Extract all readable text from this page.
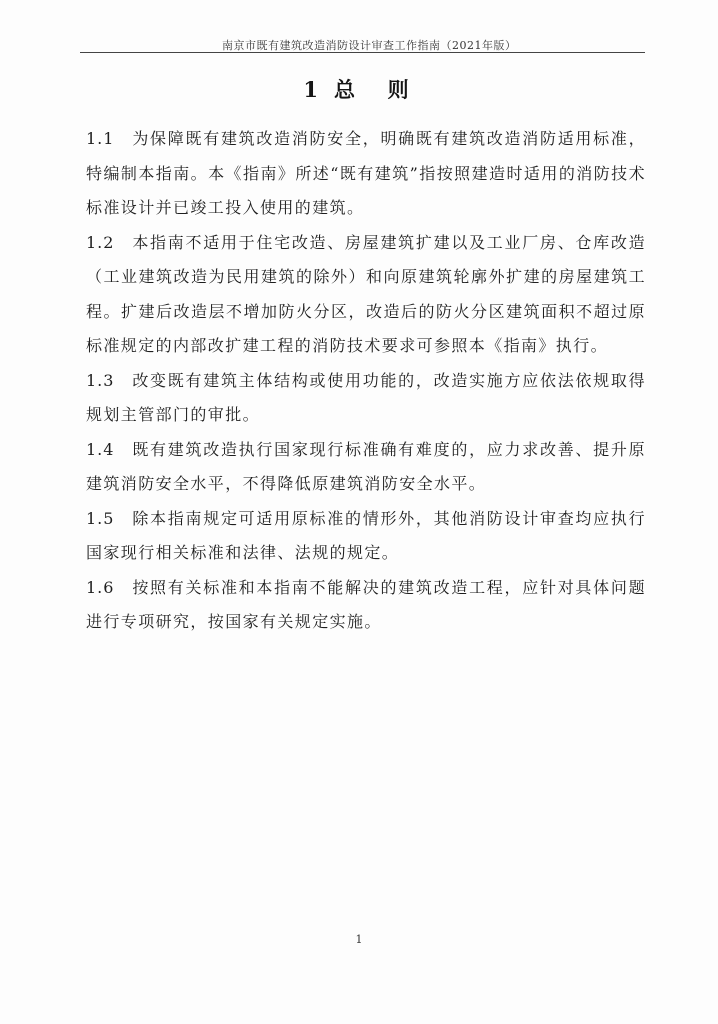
南京市既有建筑改造消防设计审查工作指南（2021年版）
1 总  则

1.1 为保障既有建筑改造消防安全，明确既有建筑改造消防适用标准，特编制本指南。本《指南》所述“既有建筑”指按照建造时适用的消防技术标准设计并已竣工投入使用的建筑。

1.2 本指南不适用于住宅改造、房屋建筑扩建以及工业厂房、仓库改造（工业建筑改造为民用建筑的除外）和向原建筑轮廓外扩建的房屋建筑工程。扩建后改造层不增加防火分区，改造后的防火分区建筑面积不超过原标准规定的内部改扩建工程的消防技术要求可参照本《指南》执行。

1.3 改变既有建筑主体结构或使用功能的，改造实施方应依法依规取得规划主管部门的审批。

1.4 既有建筑改造执行国家现行标准确有难度的，应力求改善、提升原建筑消防安全水平，不得降低原建筑消防安全水平。

1.5 除本指南规定可适用原标准的情形外，其他消防设计审查均应执行国家现行相关标准和法律、法规的规定。

1.6 按照有关标准和本指南不能解决的建筑改造工程，应针对具体问题进行专项研究，按国家有关规定实施。

1
